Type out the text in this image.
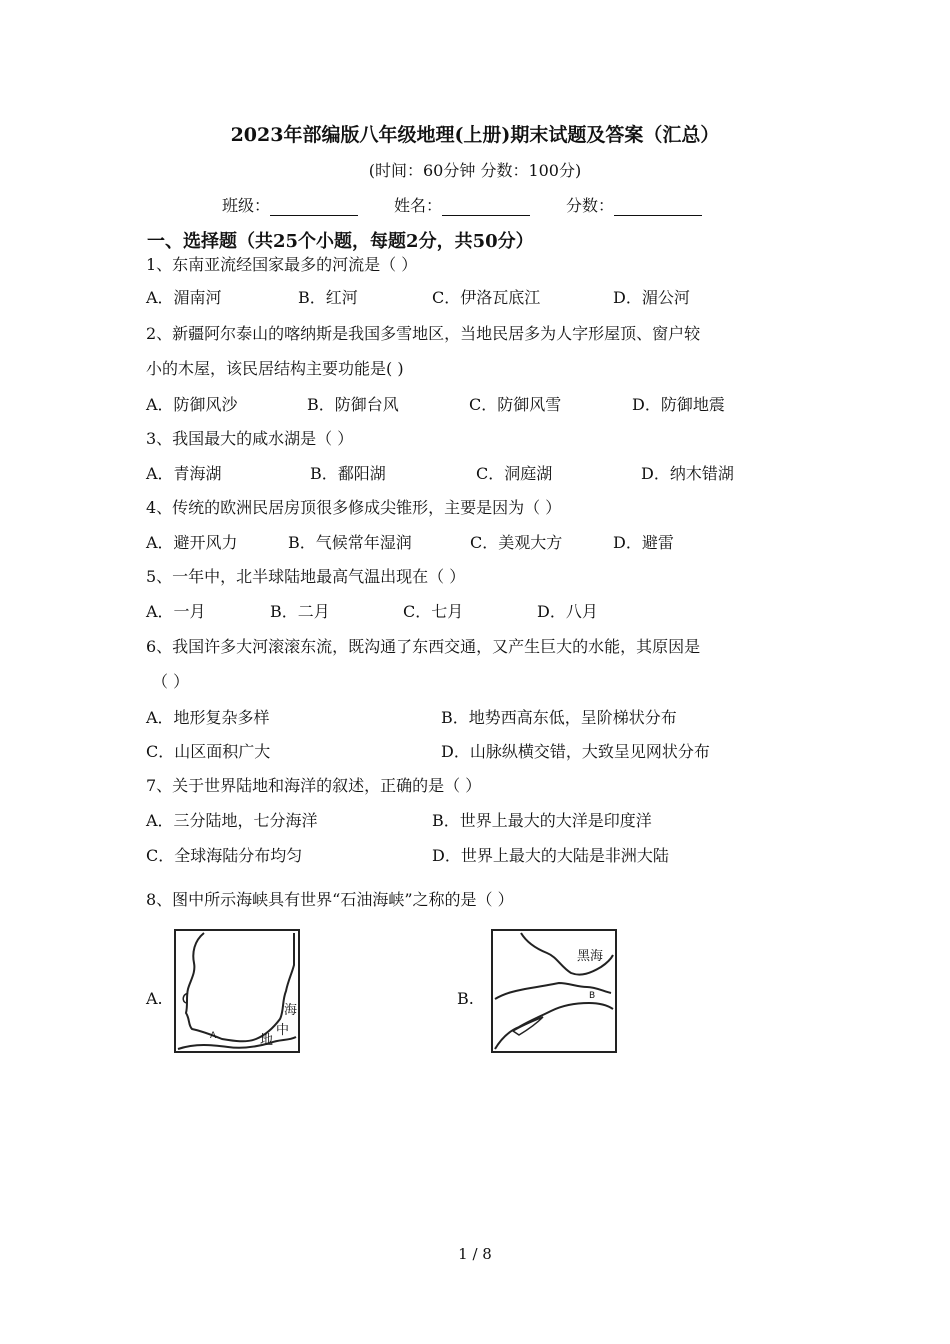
2023年部编版八年级地理(上册)期末试题及答案（汇总）
(时间：60分钟 分数：100分)
班级：	姓名：	分数：
一、选择题（共25个小题，每题2分，共50分）
1、东南亚流经国家最多的河流是（ ）
A．湄南河	B．红河	C．伊洛瓦底江	D．湄公河
2、新疆阿尔泰山的喀纳斯是我国多雪地区，当地民居多为人字形屋顶、窗户较
小的木屋，该民居结构主要功能是( )
A．防御风沙	B．防御台风	C．防御风雪	D．防御地震
3、我国最大的咸水湖是（ ）
A．青海湖	B．鄱阳湖	C．洞庭湖	D．纳木错湖
4、传统的欧洲民居房顶很多修成尖锥形，主要是因为（ ）
A．避开风力	B．气候常年湿润	C．美观大方	D．避雷
5、一年中，北半球陆地最高气温出现在（ ）
A．一月	B．二月	C．七月	D．八月
6、我国许多大河滚滚东流，既沟通了东西交通，又产生巨大的水能，其原因是
（ ）
A．地形复杂多样	B．地势西高东低，呈阶梯状分布
C．山区面积广大	D．山脉纵横交错，大致呈见网状分布
7、关于世界陆地和海洋的叙述，正确的是（ ）
A．三分陆地，七分海洋	B．世界上最大的大洋是印度洋
C．全球海陆分布均匀	D．世界上最大的大陆是非洲大陆
8、图中所示海峡具有世界“石油海峡”之称的是（ ）
A.	B.
海
中
地
A
黑海
B
1 / 8
